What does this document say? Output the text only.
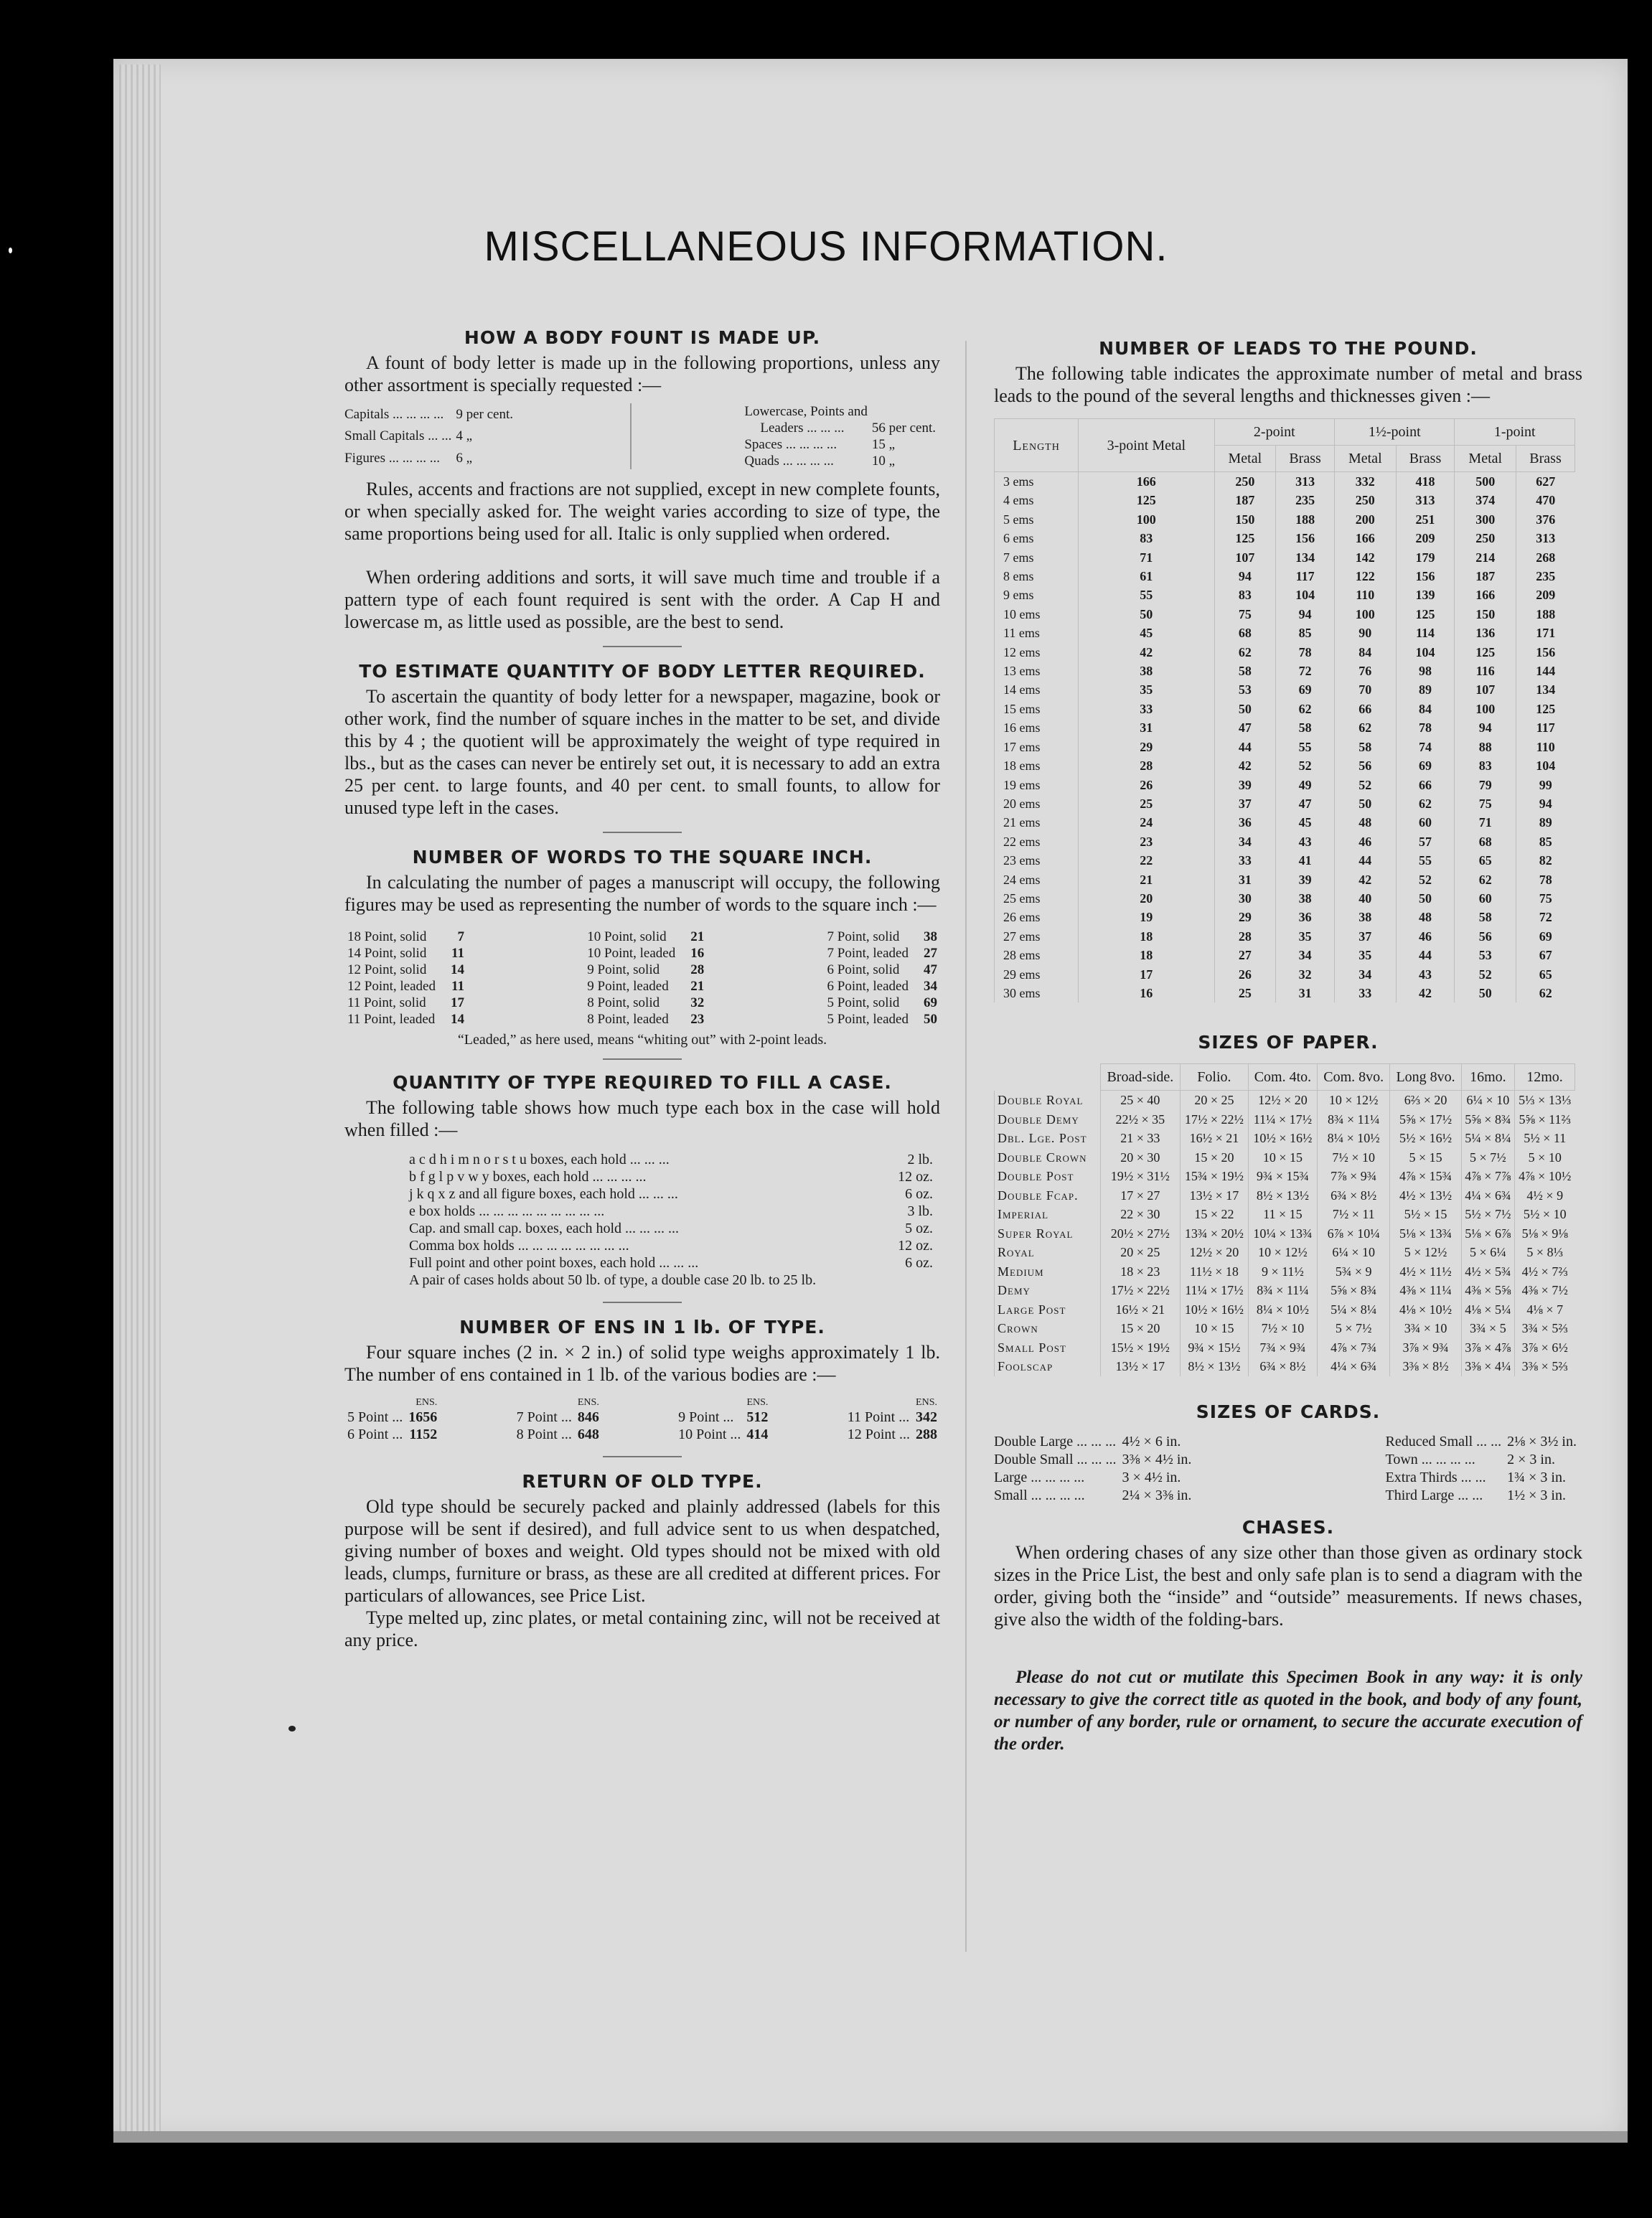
MISCELLANEOUS INFORMATION.
HOW A BODY FOUNT IS MADE UP.

A fount of body letter is made up in the following proportions, unless any other assortment is specially requested :—

Capitals ... ... ... ...	9 per cent.
Small Capitals ... ...	4 „
Figures ... ... ... ...	6 „
Lowercase, Points and	
Leaders ... ... ...	56 per cent.
Spaces ... ... ... ...	15 „
Quads ... ... ... ...	10 „

Rules, accents and fractions are not supplied, except in new complete founts, or when specially asked for. The weight varies according to size of type, the same proportions being used for all. Italic is only supplied when ordered.

When ordering additions and sorts, it will save much time and trouble if a pattern type of each fount required is sent with the order. A Cap H and lowercase m, as little used as possible, are the best to send.

TO ESTIMATE QUANTITY OF BODY LETTER REQUIRED.

To ascertain the quantity of body letter for a newspaper, magazine, book or other work, find the number of square inches in the matter to be set, and divide this by 4 ; the quotient will be approximately the weight of type required in lbs., but as the cases can never be entirely set out, it is necessary to add an extra 25 per cent. to large founts, and 40 per cent. to small founts, to allow for unused type left in the cases.

NUMBER OF WORDS TO THE SQUARE INCH.

In calculating the number of pages a manuscript will occupy, the following figures may be used as representing the number of words to the square inch :—

18 Point, solid	7
14 Point, solid	11
12 Point, solid	14
12 Point, leaded	11
11 Point, solid	17
11 Point, leaded	14
10 Point, solid	21
10 Point, leaded	16
9 Point, solid	28
9 Point, leaded	21
8 Point, solid	32
8 Point, leaded	23
7 Point, solid	38
7 Point, leaded	27
6 Point, solid	47
6 Point, leaded	34
5 Point, solid	69
5 Point, leaded	50
“Leaded,” as here used, means “whiting out” with 2-point leads.
QUANTITY OF TYPE REQUIRED TO FILL A CASE.

The following table shows how much type each box in the case will hold when filled :—

a c d h i m n o r s t u boxes, each hold ... ... ...	2 lb.
b f g l p v w y boxes, each hold ... ... ... ...	12 oz.
j k q x z and all figure boxes, each hold ... ... ...	6 oz.
e box holds ... ... ... ... ... ... ... ... ...	3 lb.
Cap. and small cap. boxes, each hold ... ... ... ...	5 oz.
Comma box holds ... ... ... ... ... ... ... ...	12 oz.
Full point and other point boxes, each hold ... ... ...	6 oz.
A pair of cases holds about 50 lb. of type, a double case 20 lb. to 25 lb.
NUMBER OF ENS IN 1 lb. OF TYPE.

Four square inches (2 in. × 2 in.) of solid type weighs approximately 1 lb. The number of ens contained in 1 lb. of the various bodies are :—

	ENS.
5 Point ...	1656
6 Point ...	1152
	ENS.
7 Point ...	846
8 Point ...	648
	ENS.
9 Point ...	512
10 Point ...	414
	ENS.
11 Point ...	342
12 Point ...	288
RETURN OF OLD TYPE.

Old type should be securely packed and plainly addressed (labels for this purpose will be sent if desired), and full advice sent to us when despatched, giving number of boxes and weight. Old types should not be mixed with old leads, clumps, furniture or brass, as these are all credited at different prices. For particulars of allowances, see Price List.

Type melted up, zinc plates, or metal containing zinc, will not be received at any price.

NUMBER OF LEADS TO THE POUND.

The following table indicates the approximate number of metal and brass leads to the pound of the several lengths and thicknesses given :—

Length	3-point Metal	2-point		1½-point		1-point	
		Metal	Brass	Metal	Brass	Metal	Brass
3 ems	166	250	313	332	418	500	627
4 ems	125	187	235	250	313	374	470
5 ems	100	150	188	200	251	300	376
6 ems	83	125	156	166	209	250	313
7 ems	71	107	134	142	179	214	268
8 ems	61	94	117	122	156	187	235
9 ems	55	83	104	110	139	166	209
10 ems	50	75	94	100	125	150	188
11 ems	45	68	85	90	114	136	171
12 ems	42	62	78	84	104	125	156
13 ems	38	58	72	76	98	116	144
14 ems	35	53	69	70	89	107	134
15 ems	33	50	62	66	84	100	125
16 ems	31	47	58	62	78	94	117
17 ems	29	44	55	58	74	88	110
18 ems	28	42	52	56	69	83	104
19 ems	26	39	49	52	66	79	99
20 ems	25	37	47	50	62	75	94
21 ems	24	36	45	48	60	71	89
22 ems	23	34	43	46	57	68	85
23 ems	22	33	41	44	55	65	82
24 ems	21	31	39	42	52	62	78
25 ems	20	30	38	40	50	60	75
26 ems	19	29	36	38	48	58	72
27 ems	18	28	35	37	46	56	69
28 ems	18	27	34	35	44	53	67
29 ems	17	26	32	34	43	52	65
30 ems	16	25	31	33	42	50	62
SIZES OF PAPER.
	Broad-side.	Folio.	Com. 4to.	Com. 8vo.	Long 8vo.	16mo.	12mo.
Double Royal	25 × 40	20 × 25	12½ × 20	10 × 12½	6⅔ × 20	6¼ × 10	5⅓ × 13⅓
Double Demy	22½ × 35	17½ × 22½	11¼ × 17½	8¾ × 11¼	5⅝ × 17½	5⅝ × 8¾	5⅝ × 11⅔
Dbl. Lge. Post	21 × 33	16½ × 21	10½ × 16½	8¼ × 10½	5½ × 16½	5¼ × 8¼	5½ × 11
Double Crown	20 × 30	15 × 20	10 × 15	7½ × 10	5 × 15	5 × 7½	5 × 10
Double Post	19½ × 31½	15¾ × 19½	9¾ × 15¾	7⅞ × 9¾	4⅞ × 15¾	4⅞ × 7⅞	4⅞ × 10½
Double Fcap.	17 × 27	13½ × 17	8½ × 13½	6¾ × 8½	4½ × 13½	4¼ × 6¾	4½ × 9
Imperial	22 × 30	15 × 22	11 × 15	7½ × 11	5½ × 15	5½ × 7½	5½ × 10
Super Royal	20½ × 27½	13¾ × 20½	10¼ × 13¾	6⅞ × 10¼	5⅛ × 13¾	5⅛ × 6⅞	5⅛ × 9⅛
Royal	20 × 25	12½ × 20	10 × 12½	6¼ × 10	5 × 12½	5 × 6¼	5 × 8⅓
Medium	18 × 23	11½ × 18	9 × 11½	5¾ × 9	4½ × 11½	4½ × 5¾	4½ × 7⅔
Demy	17½ × 22½	11¼ × 17½	8¾ × 11¼	5⅝ × 8¾	4⅜ × 11¼	4⅜ × 5⅝	4⅜ × 7½
Large Post	16½ × 21	10½ × 16½	8¼ × 10½	5¼ × 8¼	4⅛ × 10½	4⅛ × 5¼	4⅛ × 7
Crown	15 × 20	10 × 15	7½ × 10	5 × 7½	3¾ × 10	3¾ × 5	3¾ × 5⅔
Small Post	15½ × 19½	9¾ × 15½	7¾ × 9¾	4⅞ × 7¾	3⅞ × 9¾	3⅞ × 4⅞	3⅞ × 6½
Foolscap	13½ × 17	8½ × 13½	6¾ × 8½	4¼ × 6¾	3⅜ × 8½	3⅜ × 4¼	3⅜ × 5⅔
SIZES OF CARDS.
Double Large ... ... ...	4½ × 6 in.
Double Small ... ... ...	3⅜ × 4½ in.
Large ... ... ... ...	3 × 4½ in.
Small ... ... ... ...	2¼ × 3⅜ in.
Reduced Small ... ...	2⅛ × 3½ in.
Town ... ... ... ...	2 × 3 in.
Extra Thirds ... ...	1¾ × 3 in.
Third Large ... ...	1½ × 3 in.
CHASES.

When ordering chases of any size other than those given as ordinary stock sizes in the Price List, the best and only safe plan is to send a diagram with the order, giving both the “inside” and “outside” measurements. If news chases, give also the width of the folding-bars.

Please do not cut or mutilate this Specimen Book in any way: it is only necessary to give the correct title as quoted in the book, and body of any fount, or number of any border, rule or ornament, to secure the accurate execution of the order.
